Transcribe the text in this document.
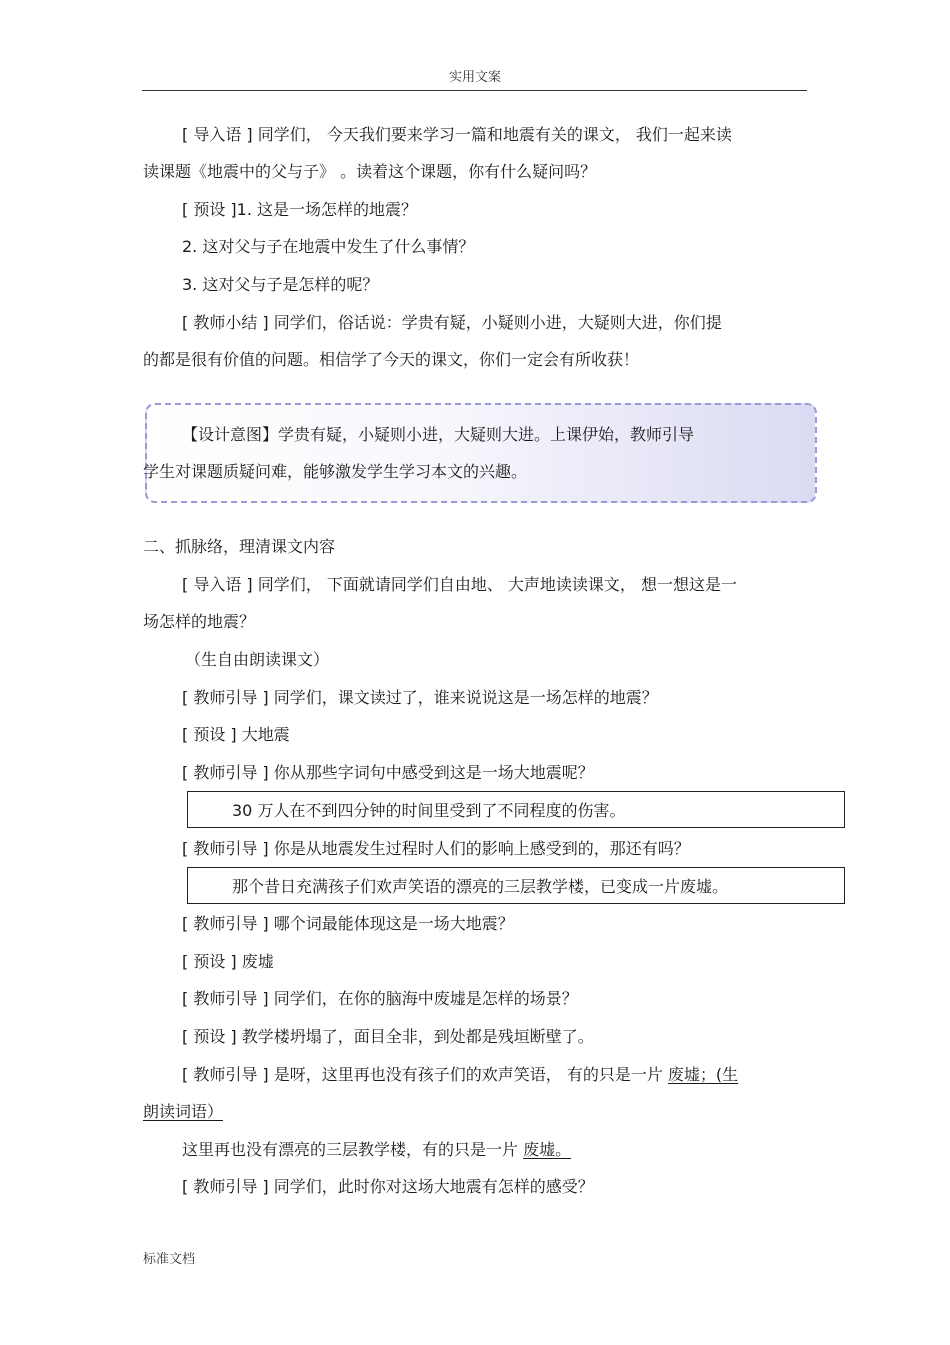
实用文案
[ 导入语 ] 同学们， 今天我们要来学习一篇和地震有关的课文， 我们一起来读
读课题《地震中的父与子》 。读着这个课题，你有什么疑问吗？
[ 预设 ]1. 这是一场怎样的地震？
2. 这对父与子在地震中发生了什么事情？
3. 这对父与子是怎样的呢？
[ 教师小结 ] 同学们，俗话说：学贵有疑，小疑则小进，大疑则大进，你们提
的都是很有价值的问题。相信学了今天的课文，你们一定会有所收获！
【设计意图】学贵有疑，小疑则小进，大疑则大进。上课伊始，教师引导
学生对课题质疑问难，能够激发学生学习本文的兴趣。
二、抓脉络，理清课文内容
[ 导入语 ] 同学们， 下面就请同学们自由地、 大声地读读课文， 想一想这是一
场怎样的地震？
（生自由朗读课文）
[ 教师引导 ] 同学们，课文读过了，谁来说说这是一场怎样的地震？
[ 预设 ] 大地震
[ 教师引导 ] 你从那些字词句中感受到这是一场大地震呢？
30 万人在不到四分钟的时间里受到了不同程度的伤害。
[ 教师引导 ] 你是从地震发生过程时人们的影响上感受到的，那还有吗？
那个昔日充满孩子们欢声笑语的漂亮的三层教学楼，已变成一片废墟。
[ 教师引导 ] 哪个词最能体现这是一场大地震？
[ 预设 ] 废墟
[ 教师引导 ] 同学们，在你的脑海中废墟是怎样的场景？
[ 预设 ] 教学楼坍塌了，面目全非，到处都是残垣断壁了。
[ 教师引导 ] 是呀，这里再也没有孩子们的欢声笑语， 有的只是一片 废墟；(生
朗读词语）
这里再也没有漂亮的三层教学楼，有的只是一片 废墟。
[ 教师引导 ] 同学们，此时你对这场大地震有怎样的感受？
标准文档
